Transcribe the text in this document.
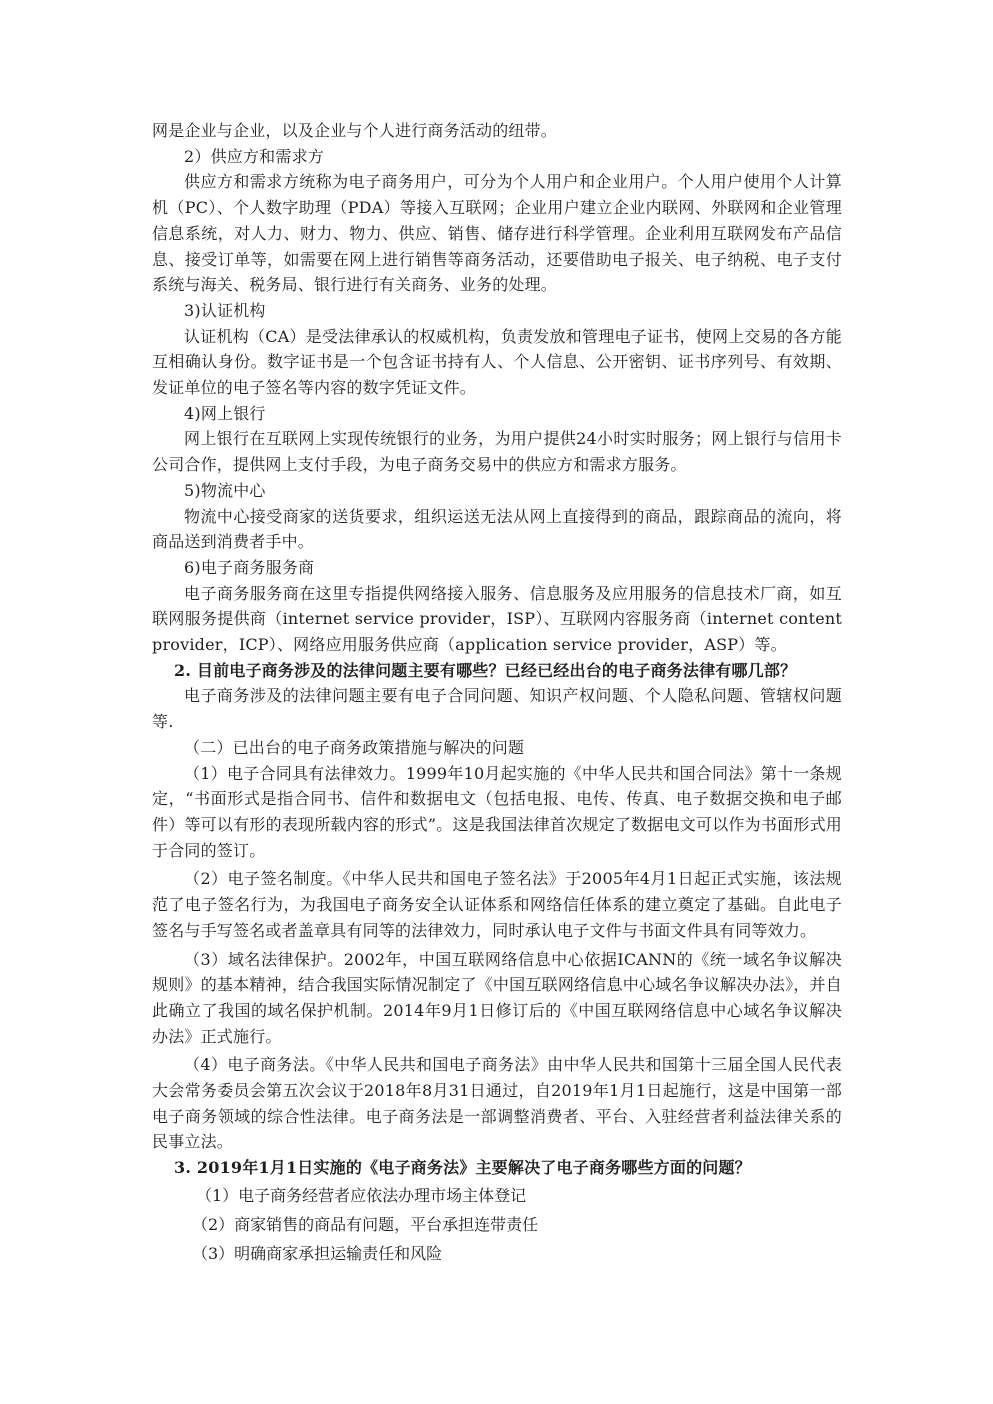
网是企业与企业，以及企业与个人进行商务活动的纽带。

2）供应方和需求方

供应方和需求方统称为电子商务用户，可分为个人用户和企业用户。个人用户使用个人计算机（PC）、个人数字助理（PDA）等接入互联网；企业用户建立企业内联网、外联网和企业管理信息系统，对人力、财力、物力、供应、销售、储存进行科学管理。企业利用互联网发布产品信息、接受订单等，如需要在网上进行销售等商务活动，还要借助电子报关、电子纳税、电子支付系统与海关、税务局、银行进行有关商务、业务的处理。

3)认证机构

认证机构（CA）是受法律承认的权威机构，负责发放和管理电子证书，使网上交易的各方能互相确认身份。数字证书是一个包含证书持有人、个人信息、公开密钥、证书序列号、有效期、发证单位的电子签名等内容的数字凭证文件。

4)网上银行

网上银行在互联网上实现传统银行的业务，为用户提供24小时实时服务；网上银行与信用卡公司合作，提供网上支付手段，为电子商务交易中的供应方和需求方服务。

5)物流中心

物流中心接受商家的送货要求，组织运送无法从网上直接得到的商品，跟踪商品的流向，将商品送到消费者手中。

6)电子商务服务商

电子商务服务商在这里专指提供网络接入服务、信息服务及应用服务的信息技术厂商，如互联网服务提供商（internet service provider，ISP）、互联网内容服务商（internet content provider，ICP）、网络应用服务供应商（application service provider，ASP）等。

2. 目前电子商务涉及的法律问题主要有哪些？已经已经出台的电子商务法律有哪几部？

电子商务涉及的法律问题主要有电子合同问题、知识产权问题、个人隐私问题、管辖权问题等.

（二）已出台的电子商务政策措施与解决的问题

（1）电子合同具有法律效力。1999年10月起实施的《中华人民共和国合同法》第十一条规定，“书面形式是指合同书、信件和数据电文（包括电报、电传、传真、电子数据交换和电子邮件）等可以有形的表现所载内容的形式”。这是我国法律首次规定了数据电文可以作为书面形式用于合同的签订。

（2）电子签名制度。《中华人民共和国电子签名法》于2005年4月1日起正式实施，该法规范了电子签名行为，为我国电子商务安全认证体系和网络信任体系的建立奠定了基础。自此电子签名与手写签名或者盖章具有同等的法律效力，同时承认电子文件与书面文件具有同等效力。

（3）域名法律保护。2002年，中国互联网络信息中心依据ICANN的《统一域名争议解决规则》的基本精神，结合我国实际情况制定了《中国互联网络信息中心域名争议解决办法》，并自此确立了我国的域名保护机制。2014年9月1日修订后的《中国互联网络信息中心域名争议解决办法》正式施行。

（4）电子商务法。《中华人民共和国电子商务法》由中华人民共和国第十三届全国人民代表大会常务委员会第五次会议于2018年8月31日通过，自2019年1月1日起施行，这是中国第一部电子商务领域的综合性法律。电子商务法是一部调整消费者、平台、入驻经营者利益法律关系的民事立法。

3. 2019年1月1日实施的《电子商务法》主要解决了电子商务哪些方面的问题？

（1）电子商务经营者应依法办理市场主体登记

（2）商家销售的商品有问题，平台承担连带责任

（3）明确商家承担运输责任和风险
